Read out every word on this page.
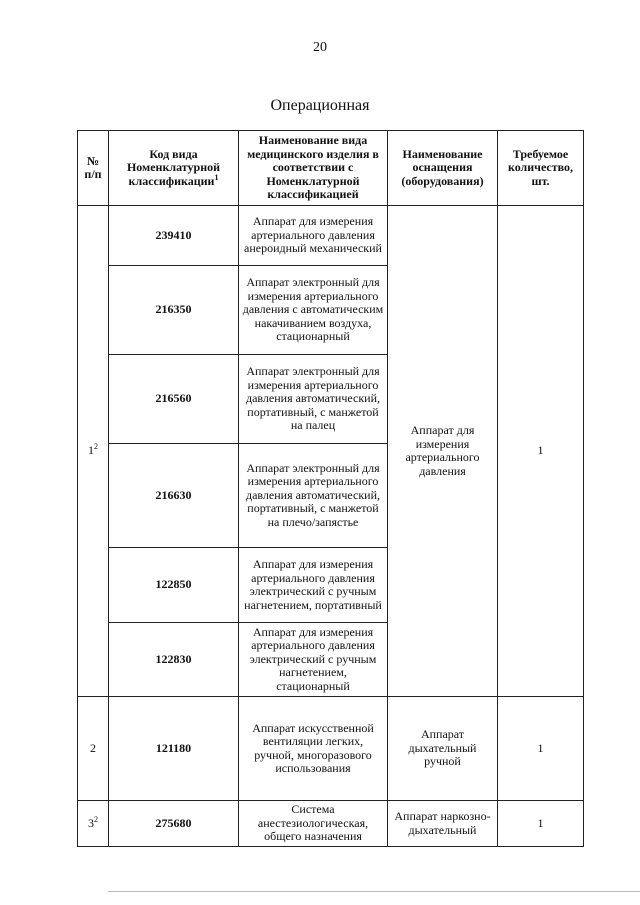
20
Операционная
№ п/п	Код вида Номенклатурной классификации$^1$	Наименование вида медицинского изделия в соответствии с Номенклатурной классификацией	Наименование оснащения (оборудования)	Требуемое количество, шт.
$1^2$	239410	Аппарат для измерения артериального давления анероидный механический	Аппарат для измерения артериального давления	1
	216350	Аппарат электронный для измерения артериального давления с автоматическим накачиванием воздуха, стационарный		
	216560	Аппарат электронный для измерения артериального давления автоматический, портативный, с манжетой на палец		
	216630	Аппарат электронный для измерения артериального давления автоматический, портативный, с манжетой на плечо/запястье		
	122850	Аппарат для измерения артериального давления электрический с ручным нагнетением, портативный		
	122830	Аппарат для измерения артериального давления электрический с ручным нагнетением, стационарный		
2	121180	Аппарат искусственной вентиляции легких, ручной, многоразового использования	Аппарат дыхательный ручной	1
$3^2$	275680	Система анестезиологическая, общего назначения	Аппарат наркозно-дыхательный	1
